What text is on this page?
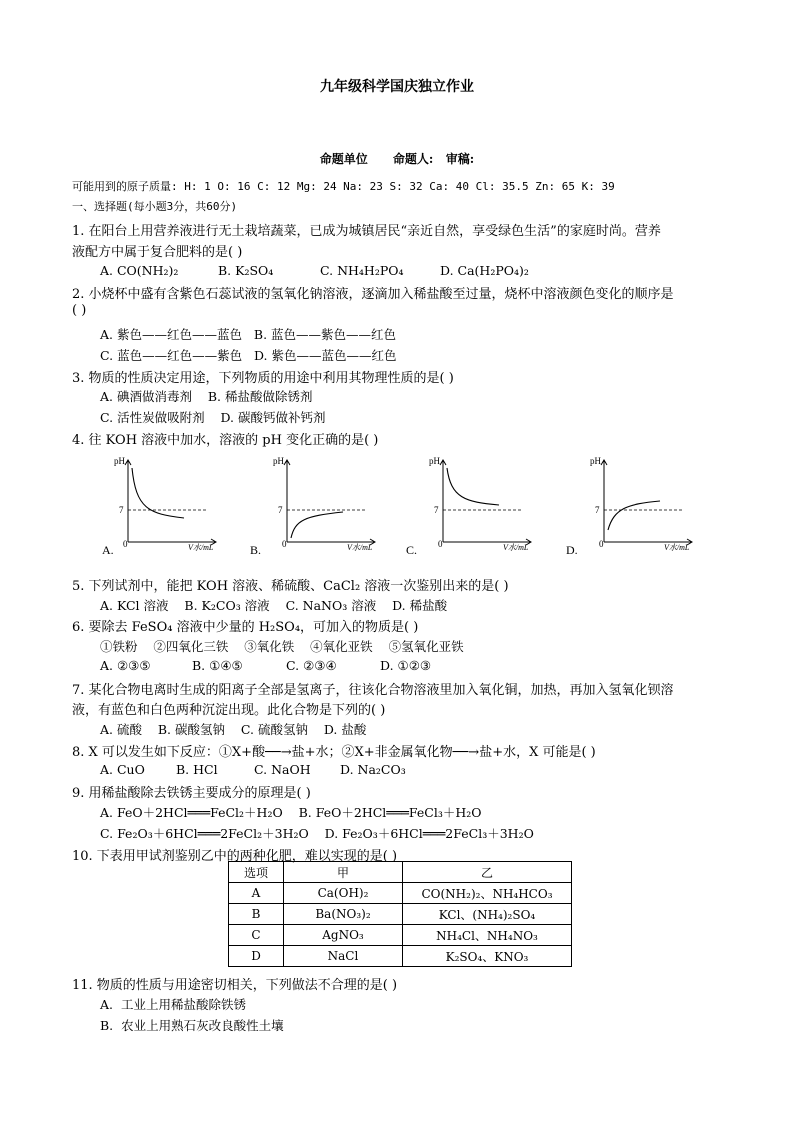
九年级科学国庆独立作业
命题单位      命题人:   审稿:
可能用到的原子质量: H: 1 O: 16 C: 12 Mg: 24 Na: 23 S: 32 Ca: 40 Cl: 35.5 Zn: 65 K: 39
一、选择题(每小题3分，共60分)
1. 在阳台上用营养液进行无土栽培蔬菜，已成为城镇居民“亲近自然，享受绿色生活”的家庭时尚。营养
液配方中属于复合肥料的是( )
A. CO(NH₂)₂	B. K₂SO₄	C. NH₄H₂PO₄	D. Ca(H₂PO₄)₂
2. 小烧杯中盛有含紫色石蕊试液的氢氧化钠溶液，逐滴加入稀盐酸至过量，烧杯中溶液颜色变化的顺序是
( )
A. 紫色——红色——蓝色   B. 蓝色——紫色——红色
C. 蓝色——红色——紫色   D. 紫色——蓝色——红色
3. 物质的性质决定用途，下列物质的用途中利用其物理性质的是( )
A. 碘酒做消毒剂    B. 稀盐酸做除锈剂
C. 活性炭做吸附剂    D. 碳酸钙做补钙剂
4. 往 KOH 溶液中加水，溶液的 pH 变化正确的是( )
pH
7
0	V水/mL
A.
pH
7
0	V水/mL
B.
pH
7
0	V水/mL
C.
pH
7
0	V水/mL
D.
5. 下列试剂中，能把 KOH 溶液、稀硫酸、CaCl₂ 溶液一次鉴别出来的是( )
A. KCl 溶液    B. K₂CO₃ 溶液    C. NaNO₃ 溶液    D. 稀盐酸
6. 要除去 FeSO₄ 溶液中少量的 H₂SO₄，可加入的物质是( )
①铁粉    ②四氧化三铁    ③氧化铁    ④氧化亚铁    ⑤氢氧化亚铁
A. ②③⑤	B. ①④⑤	C. ②③④	D. ①②③
7. 某化合物电离时生成的阳离子全部是氢离子，往该化合物溶液里加入氧化铜，加热，再加入氢氧化钡溶
液，有蓝色和白色两种沉淀出现。此化合物是下列的( )
A. 硫酸    B. 碳酸氢钠    C. 硫酸氢钠    D. 盐酸
8. X 可以发生如下反应：①X+酸──→盐+水；②X+非金属氧化物──→盐+水，X 可能是( )
A. CuO B. HCl	C. NaOH D. Na₂CO₃
9. 用稀盐酸除去铁锈主要成分的原理是( )
A. FeO＋2HCl═══FeCl₂＋H₂O    B. FeO＋2HCl═══FeCl₃＋H₂O
C. Fe₂O₃＋6HCl═══2FeCl₂＋3H₂O    D. Fe₂O₃＋6HCl═══2FeCl₃＋3H₂O
10. 下表用甲试剂鉴别乙中的两种化肥，难以实现的是( )
选项	甲	乙
A	Ca(OH)₂	CO(NH₂)₂、NH₄HCO₃
B	Ba(NO₃)₂	KCl、(NH₄)₂SO₄
C	AgNO₃	NH₄Cl、NH₄NO₃
D	NaCl	K₂SO₄、KNO₃
11. 物质的性质与用途密切相关，下列做法不合理的是( )
A.  工业上用稀盐酸除铁锈
B.  农业上用熟石灰改良酸性土壤
